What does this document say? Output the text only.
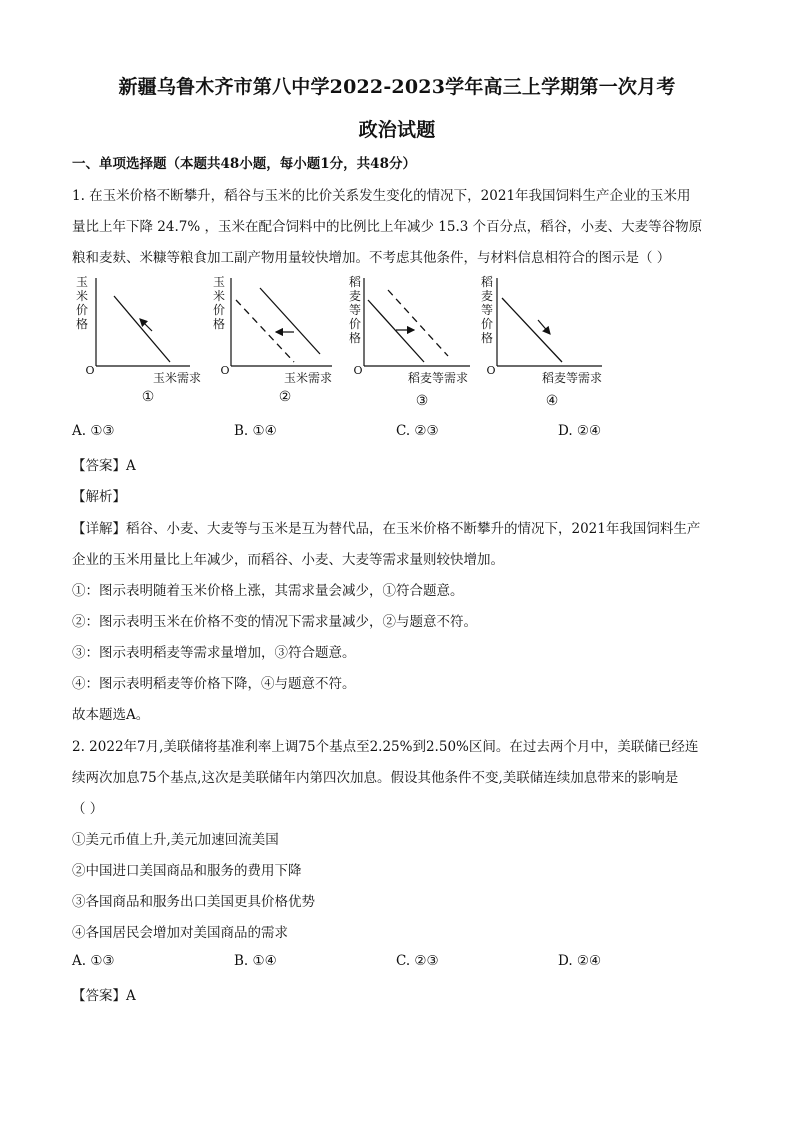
新疆乌鲁木齐市第八中学2022-2023学年高三上学期第一次月考
政治试题
一、单项选择题（本题共48小题，每小题1分，共48分）
1. 在玉米价格不断攀升，稻谷与玉米的比价关系发生变化的情况下，2021年我国饲料生产企业的玉米用
量比上年下降 24.7% ，玉米在配合饲料中的比例比上年减少 15.3 个百分点，稻谷，小麦、大麦等谷物原
粮和麦麸、米糠等粮食加工副产物用量较快增加。不考虑其他条件，与材料信息相符合的图示是（ ）
玉
米
价
格
O
玉米需求
①
玉
米
价
格
O
玉米需求
②
稻
麦
等
价
格
O
稻麦等需求
③
稻
麦
等
价
格
O
稻麦等需求
④
A. ①③	B. ①④	C. ②③	D. ②④
【答案】A
【解析】
【详解】稻谷、小麦、大麦等与玉米是互为替代品，在玉米价格不断攀升的情况下，2021年我国饲料生产
企业的玉米用量比上年减少，而稻谷、小麦、大麦等需求量则较快增加。
①：图示表明随着玉米价格上涨，其需求量会减少，①符合题意。
②：图示表明玉米在价格不变的情况下需求量减少，②与题意不符。
③：图示表明稻麦等需求量增加，③符合题意。
④：图示表明稻麦等价格下降，④与题意不符。
故本题选A。
2. 2022年7月,美联储将基准利率上调75个基点至2.25%到2.50%区间。在过去两个月中，美联储已经连
续两次加息75个基点,这次是美联储年内第四次加息。假设其他条件不变,美联储连续加息带来的影响是
（ ）
①美元币值上升,美元加速回流美国
②中国进口美国商品和服务的费用下降
③各国商品和服务出口美国更具价格优势
④各国居民会增加对美国商品的需求
A. ①③	B. ①④	C. ②③	D. ②④
【答案】A
